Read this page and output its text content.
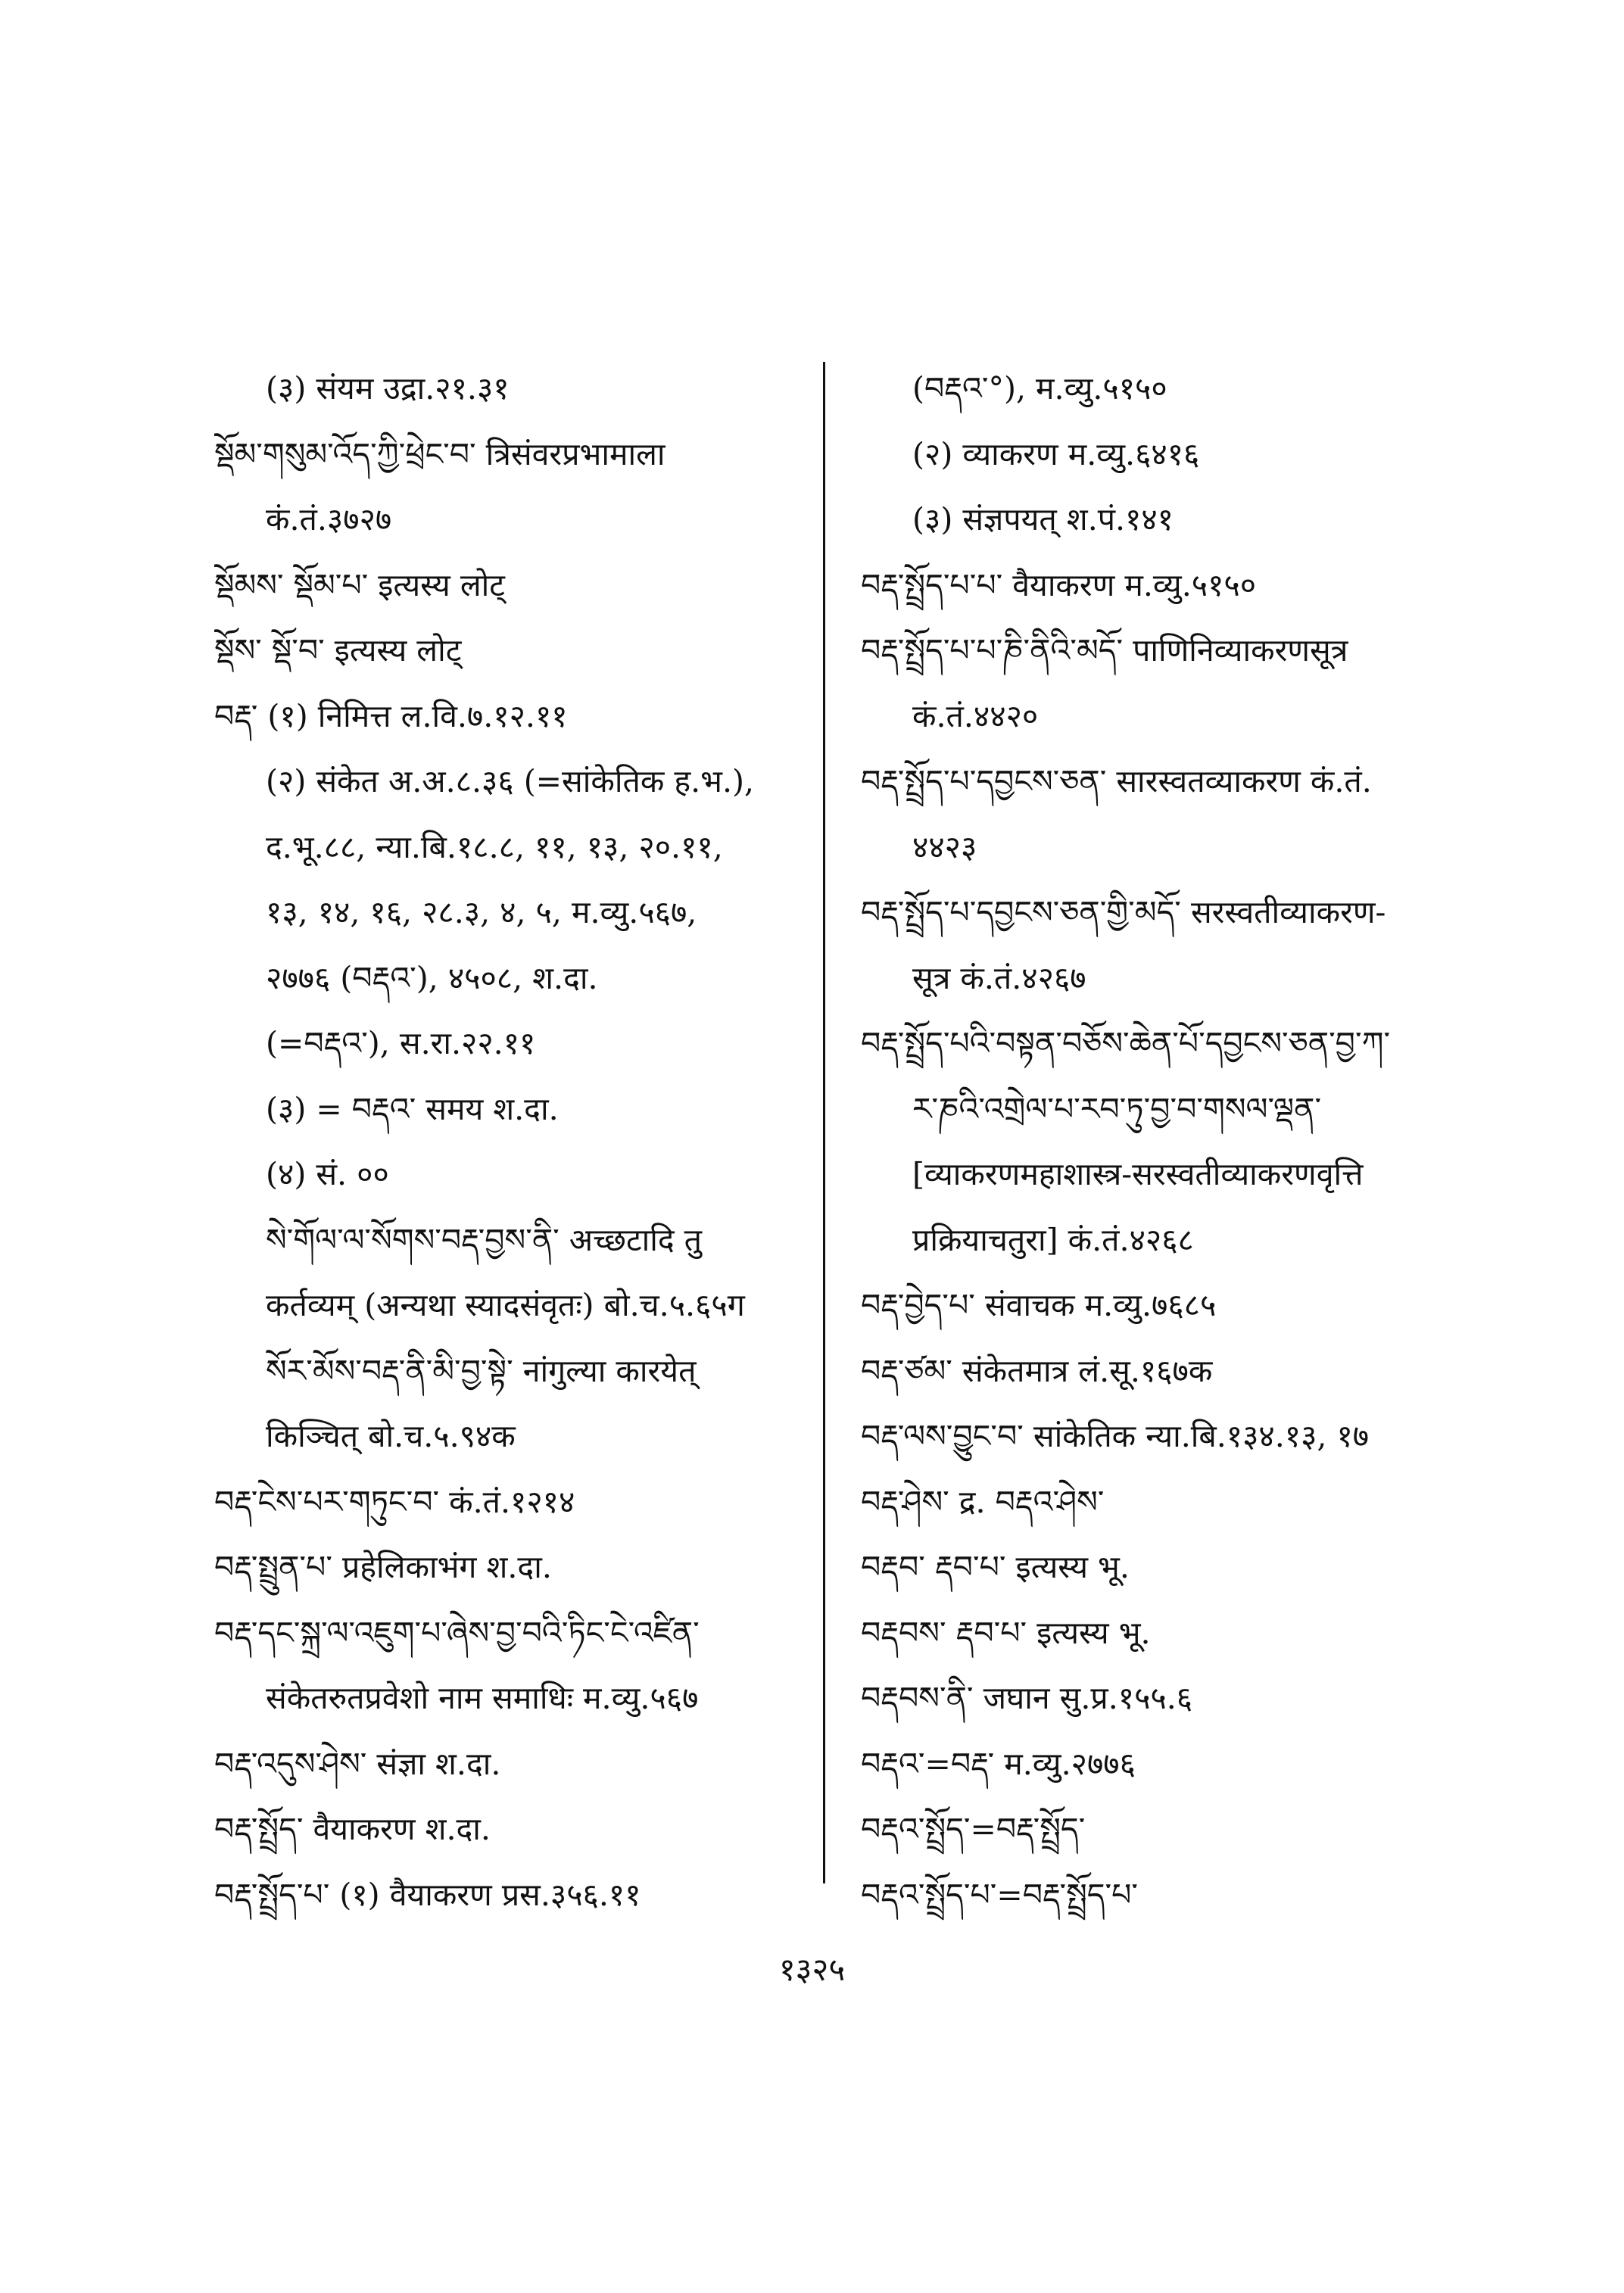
(३) संयम उद्रा.२१.३१
སྡོམ་གསུམ་འོད་ཀྱི་ཕྲེང་བ་ त्रिसंवरप्रभामाला
कं.तं.३७२७
སྡོམས་ སྡོམ་པ་ इत्यस्य लोट्
སྡོས་ སྡོ་བ་ इत्यस्य लोट्
བརྡ་ (१) निमित्त ल.वि.७.१२.११
(२) संकेत अ.अ.८.३६ (=सांकेतिक ह.भ.),
द.भू.८८, न्या.बि.१८.८, ११, १३, २०.११,
१३, १४, १६, २८.३, ४, ५, म.व्यु.५६७,
२७७६ (བརྡའ་), ४५०८, श.दा.
(=བརྡའ་), स.रा.२२.११
(३) = བརྡའ་ समय श.दा.
(४) सं. ००
སེ་གོལ་ལ་སོགས་བརྡ་བྱས་ནི་ अच्छटादि तु
कर्तव्यम् (अन्यथा स्यादसंवृतः) बो.च.५.६५ग
སོར་མོས་བརྡ་ནི་མི་བྱ་སྟེ་ नांगुल्या कारयेत्
किञ्चित् बो.च.५.९४क
བརྡ་ངེས་པར་གཏུང་བ་ कं.तं.१२१४
བརྡ་སྤྲུན་པ་ प्रहेलिकाभंग श.दा.
བརྡ་དང་སྐྲ་ལ་འཇུག་པ་ཞེས་བྱ་བའི་ཏིང་ངེ་འཛིན་
संकेतरुतप्रवेशो नाम समाधिः म.व्यु.५६७
བརྡ་འདུས་ཤེས་ संज्ञा श.दा.
བརྡ་སྤྲོད་ वैयाकरण श.दा.
བརྡ་སྤྲོད་པ་ (१) वैयाकरण प्रस.३५६.११
(བརྡའ་°), म.व्यु.५१५०
(२) व्याकरण म.व्यु.६४१६
(३) संज्ञपयत् श.पं.१४१
བརྡ་སྤྲོད་པ་པ་ वैयाकरण म.व्यु.५१५०
བརྡ་སྤྲོད་པ་པ་ཎི་ནིའི་མདོ་ पाणिनिव्याकरणसूत्र
कं.तं.४४२०
བརྡ་སྤྲོད་པ་དབྱངས་ཅན་ सारस्वतव्याकरण कं.तं.
४४२३
བརྡ་སྤྲོད་པ་དབྱངས་ཅན་གྱི་མདོ་ सरस्वतीव्याकरण-
सूत्र कं.तं.४२६७
བརྡ་སྤྲོད་པའི་བསྟན་བཅོས་ཆེན་པོ་དབྱངས་ཅན་བྱ་ཀ་
ར་ཎའི་འགྲེལ་པ་རབ་ཏུ་བྱ་བ་གསལ་ལྡན་
[व्याकरणमहाशास्त्र-सरस्वतीव्याकरणवृत्ति
प्रक्रियाचतुरा] कं.तं.४२६८
བརྡ་བྱེད་པ་ संवाचक म.व्यु.७६८५
བརྡ་ཙམ་ संकेतमात्र लं.सू.१६७क
བརྡ་ལས་བྱུང་བ་ सांकेतिक न्या.बि.१३४.१३, १७
བརྡ་ཤེས་ द्र. བརྡའ་ཤེས་
བརྡབ་ རྡབ་པ་ इत्यस्य भू.
བརྡབས་ རྡབ་པ་ इत्यस्य भू.
བརྡབས་ནི་ जघान सु.प्र.१५५.६
བརྡའ་=བརྡ་ म.व्यु.२७७६
བརྡའ་སྤྲོད་=བརྡ་སྤྲོད་
བརྡའ་སྤྲོད་པ་=བརྡ་སྤྲོད་པ་
१३२५
